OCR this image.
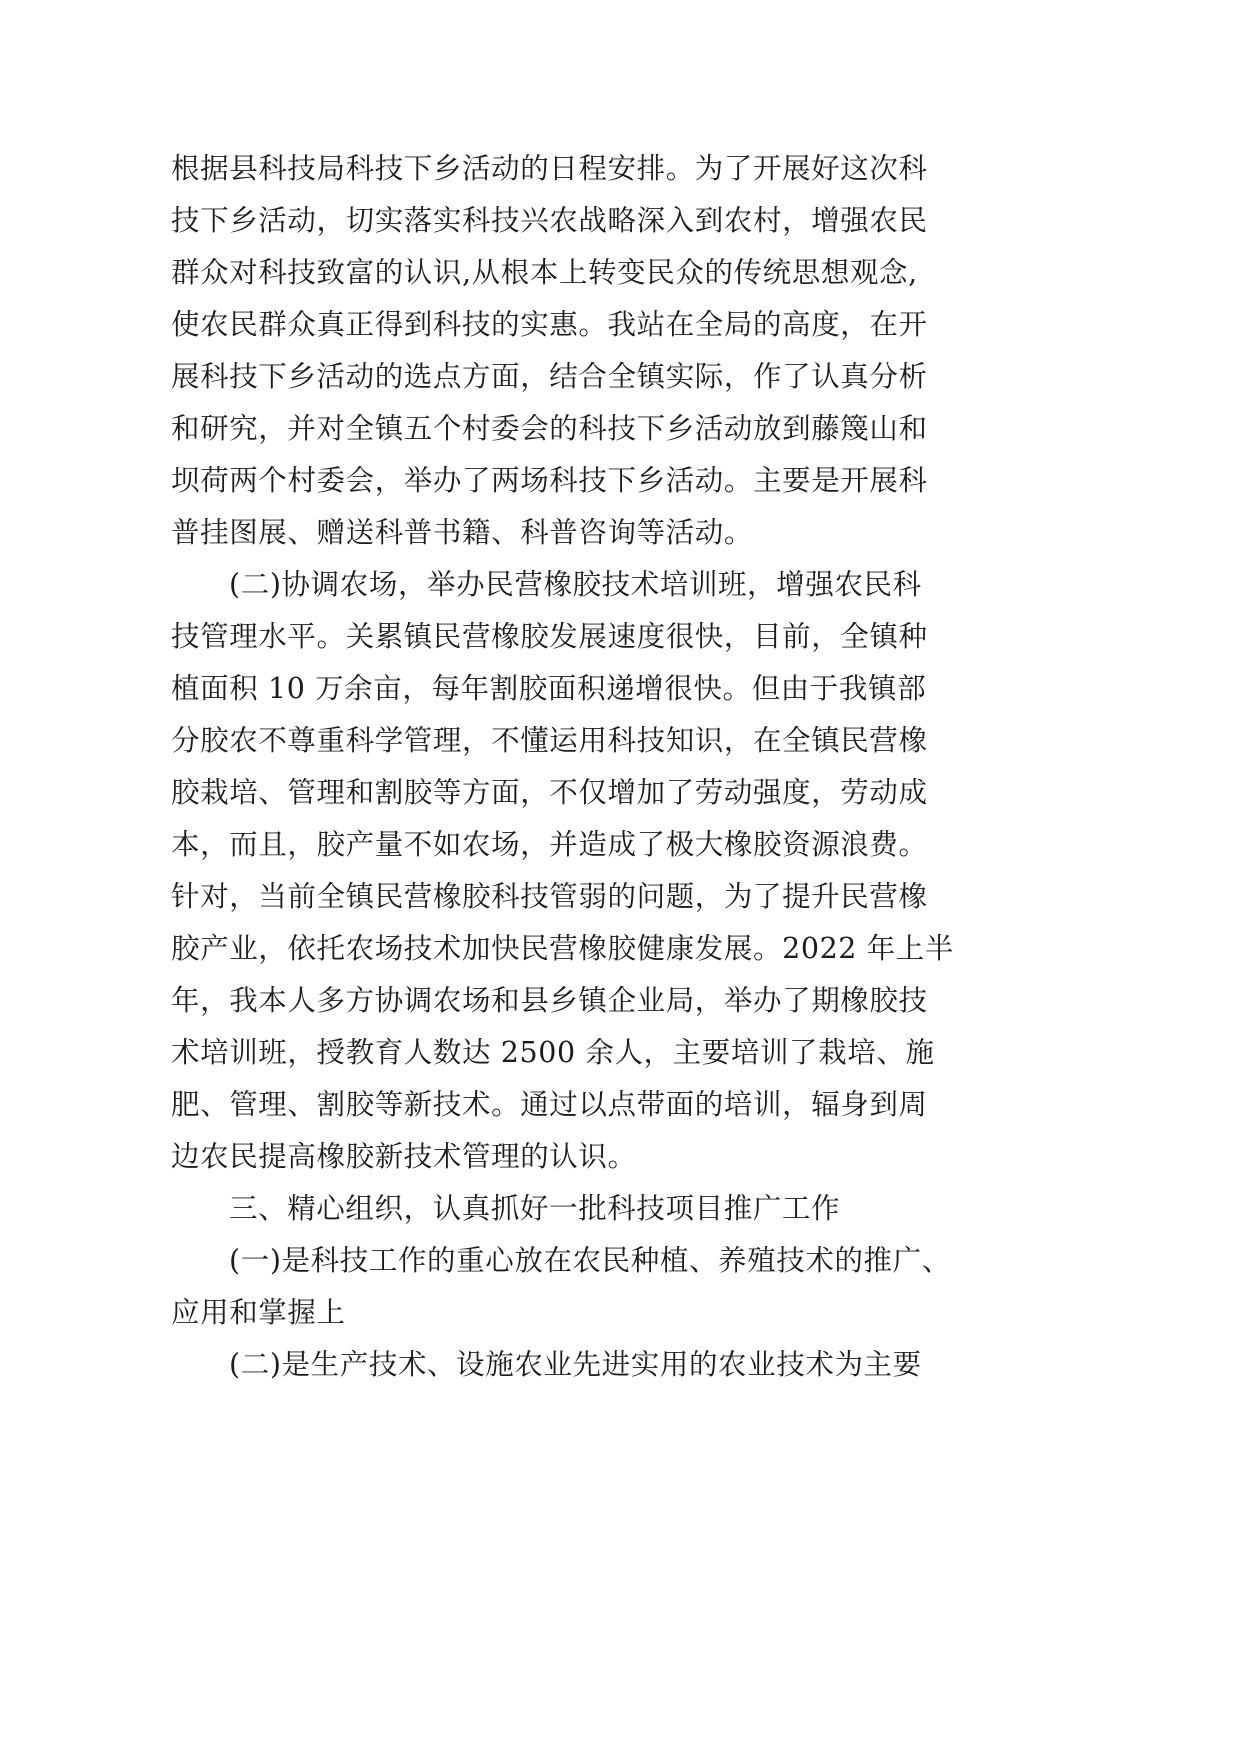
根据县科技局科技下乡活动的日程安排。为了开展好这次科
技下乡活动，切实落实科技兴农战略深入到农村，增强农民
群众对科技致富的认识,从根本上转变民众的传统思想观念,
使农民群众真正得到科技的实惠。我站在全局的高度，在开
展科技下乡活动的选点方面，结合全镇实际，作了认真分析
和研究，并对全镇五个村委会的科技下乡活动放到藤篾山和
坝荷两个村委会，举办了两场科技下乡活动。主要是开展科
普挂图展、赠送科普书籍、科普咨询等活动。
(二)协调农场，举办民营橡胶技术培训班，增强农民科
技管理水平。关累镇民营橡胶发展速度很快，目前，全镇种
植面积 10 万余亩，每年割胶面积递增很快。但由于我镇部
分胶农不尊重科学管理，不懂运用科技知识，在全镇民营橡
胶栽培、管理和割胶等方面，不仅增加了劳动强度，劳动成
本，而且，胶产量不如农场，并造成了极大橡胶资源浪费。
针对，当前全镇民营橡胶科技管弱的问题，为了提升民营橡
胶产业，依托农场技术加快民营橡胶健康发展。2022 年上半
年，我本人多方协调农场和县乡镇企业局，举办了期橡胶技
术培训班，授教育人数达 2500 余人，主要培训了栽培、施
肥、管理、割胶等新技术。通过以点带面的培训，辐身到周
边农民提高橡胶新技术管理的认识。
三、精心组织，认真抓好一批科技项目推广工作
(一)是科技工作的重心放在农民种植、养殖技术的推广、
应用和掌握上
(二)是生产技术、设施农业先进实用的农业技术为主要
